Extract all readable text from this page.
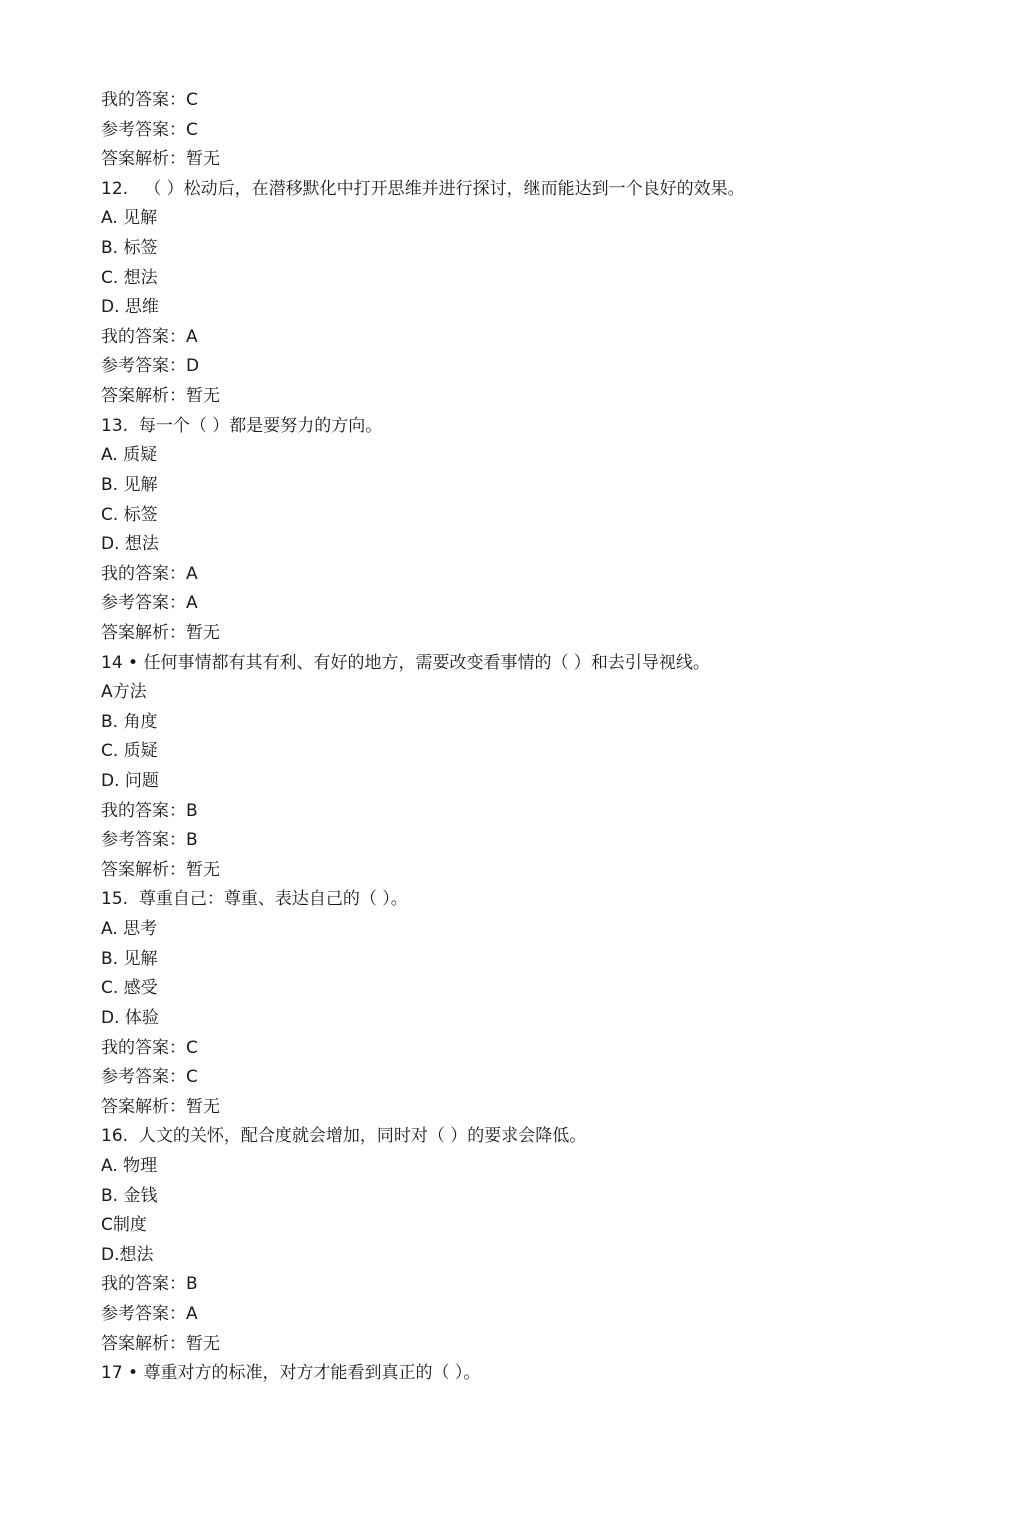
我的答案：C

参考答案：C

答案解析：暂无

12.   （ ）松动后，在潜移默化中打开思维并进行探讨，继而能达到一个良好的效果。

A. 见解

B. 标签

C. 想法

D. 思维

我的答案：A

参考答案：D

答案解析：暂无

13.  每一个（ ）都是要努力的方向。

A. 质疑

B. 见解

C. 标签

D. 想法

我的答案：A

参考答案：A

答案解析：暂无

14 • 任何事情都有其有利、有好的地方，需要改变看事情的（ ）和去引导视线。

A方法

B. 角度

C. 质疑

D. 问题

我的答案：B

参考答案：B

答案解析：暂无

15.  尊重自己：尊重、表达自己的（ ）。

A. 思考

B. 见解

C. 感受

D. 体验

我的答案：C

参考答案：C

答案解析：暂无

16.  人文的关怀，配合度就会增加，同时对（ ）的要求会降低。

A. 物理

B. 金钱

C制度

D.想法

我的答案：B

参考答案：A

答案解析：暂无

17 • 尊重对方的标准，对方才能看到真正的（ ）。
